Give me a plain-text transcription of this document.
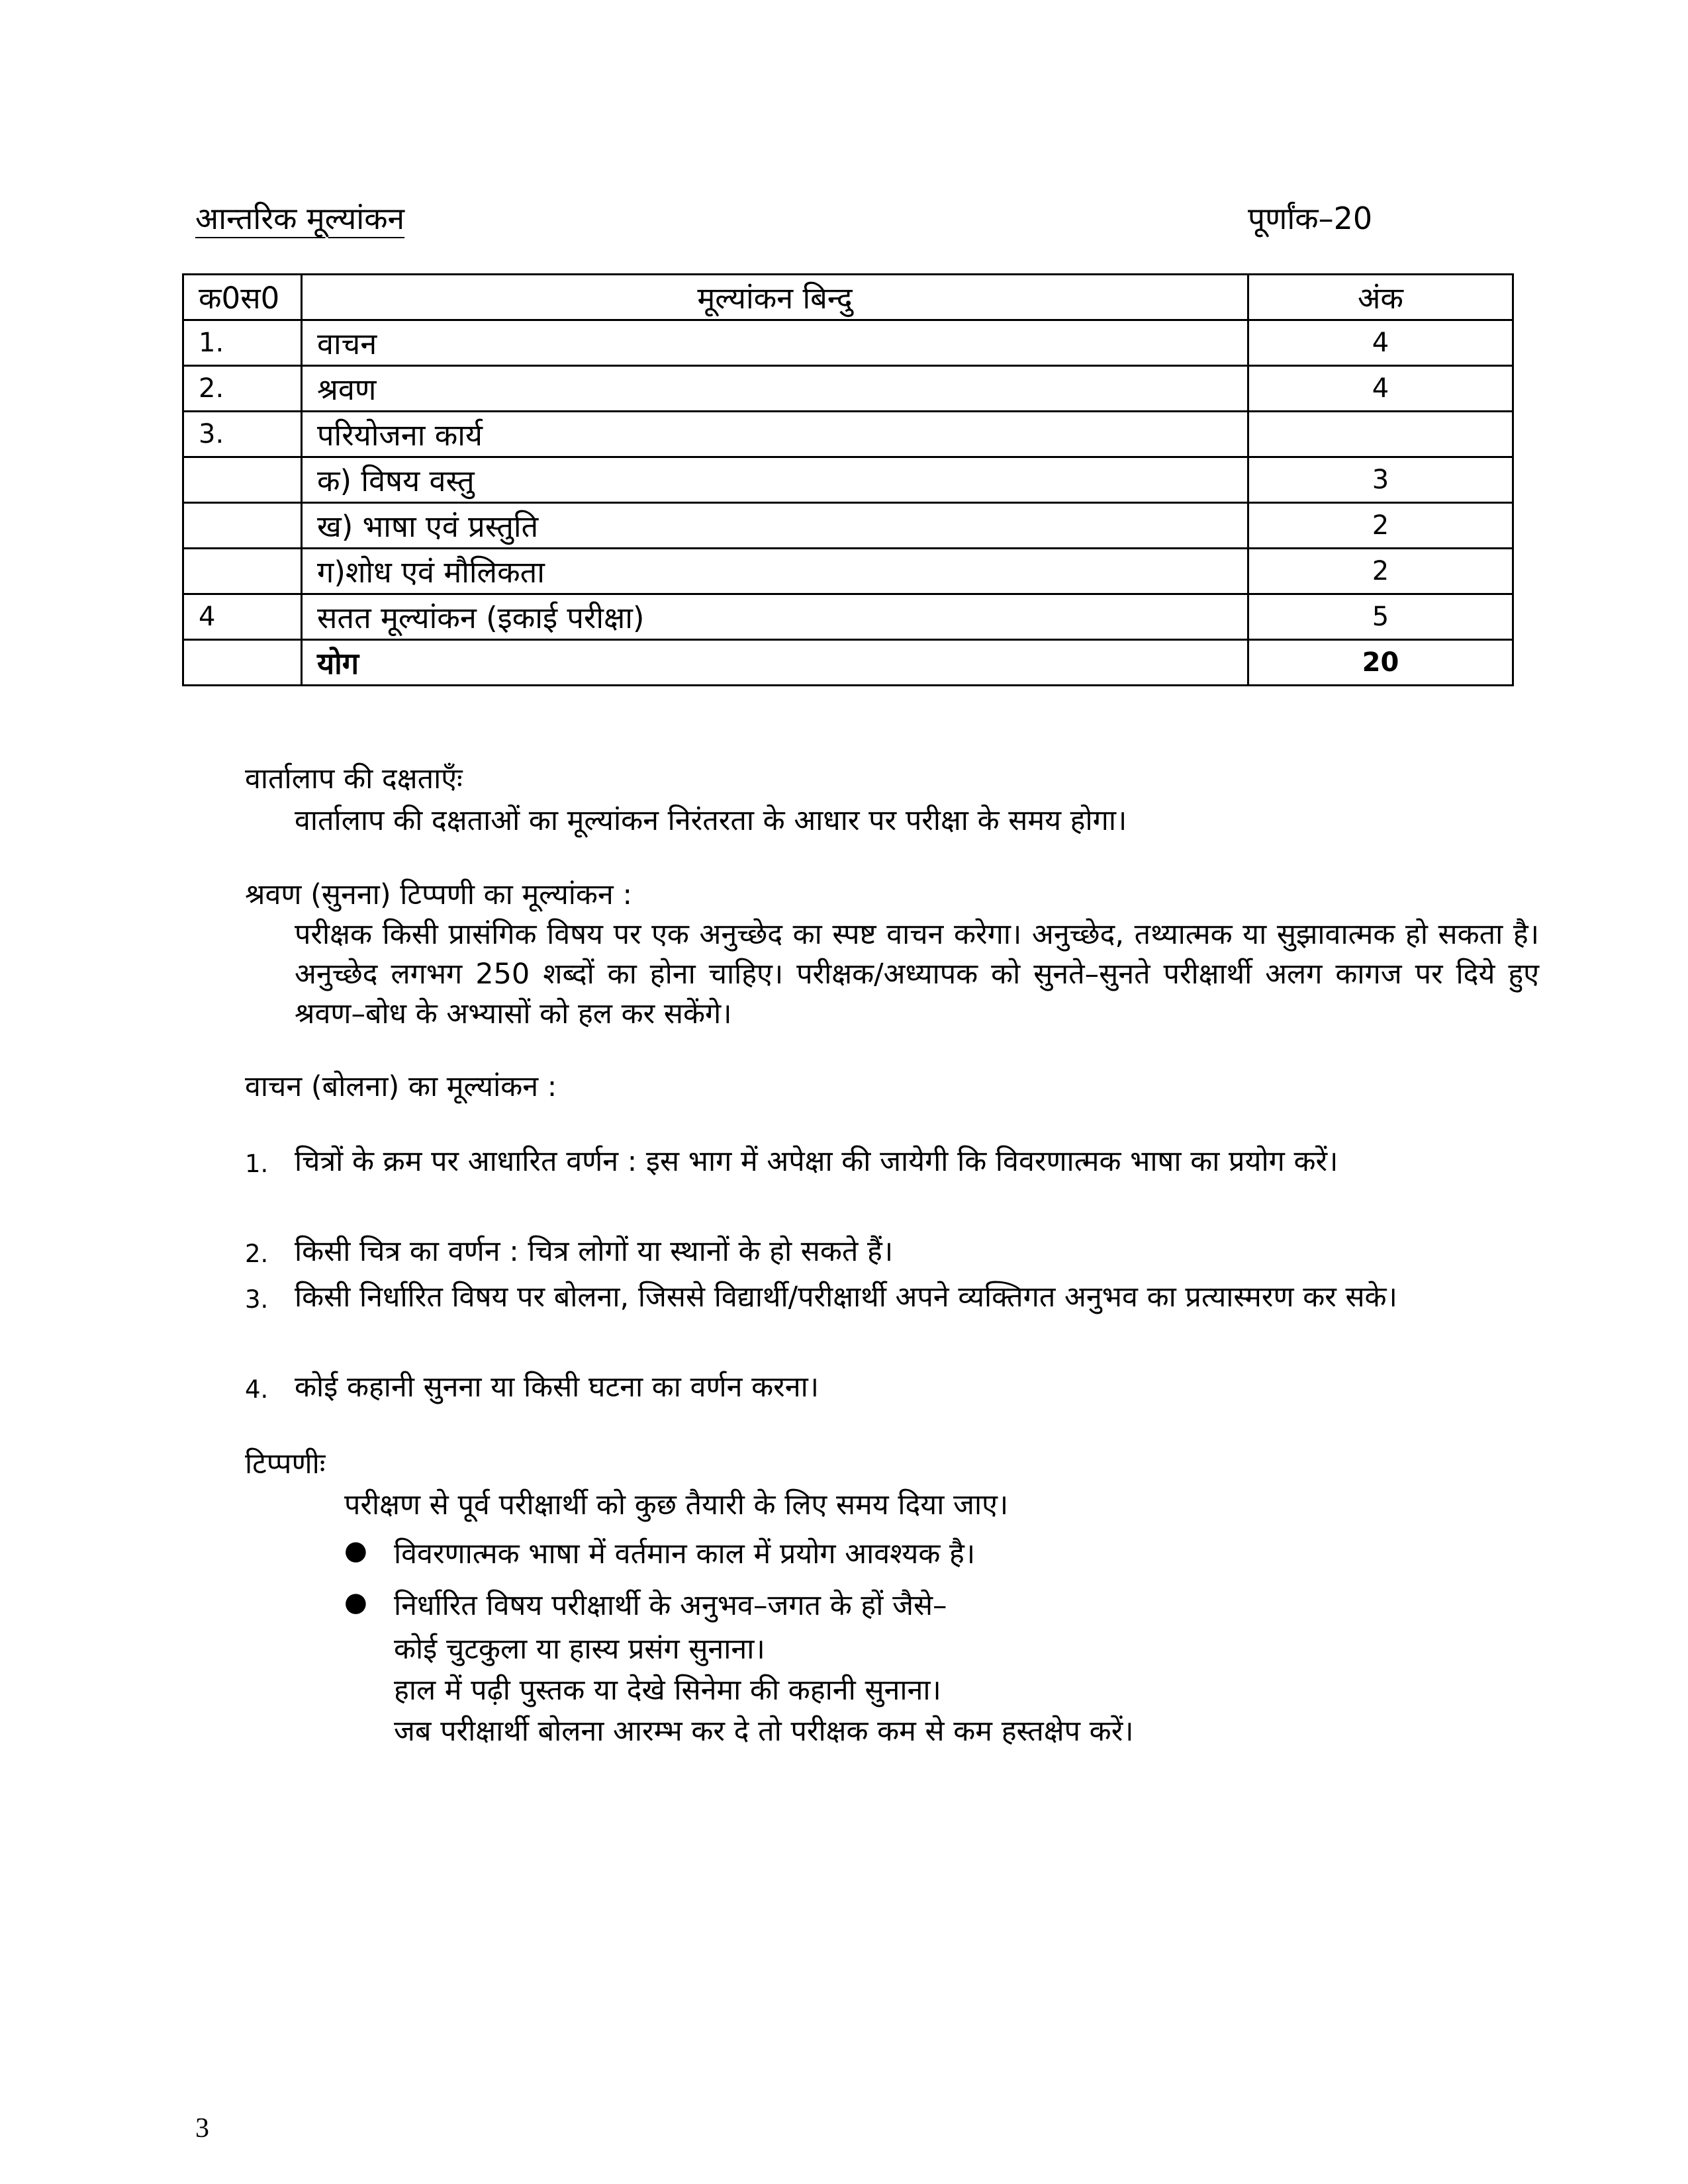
आन्तरिक मूल्यांकन	पूर्णांक–20
क0स0	मूल्यांकन बिन्दु	अंक
1.	वाचन	4
2.	श्रवण	4
3.	परियोजना कार्य	
	क) विषय वस्तु	3
	ख) भाषा एवं प्रस्तुति	2
	ग)शोध एवं मौलिकता	2
4	सतत मूल्यांकन (इकाई परीक्षा)	5
	योग	20
वार्तालाप की दक्षताएँः

वार्तालाप की दक्षताओं का मूल्यांकन निरंतरता के आधार पर परीक्षा के समय होगा।

श्रवण (सुनना) टिप्पणी का मूल्यांकन :

परीक्षक किसी प्रासंगिक विषय पर एक अनुच्छेद का स्पष्ट वाचन करेगा। अनुच्छेद, तथ्यात्मक या सुझावात्मक हो सकता है। अनुच्छेद लगभग 250 शब्दों का होना चाहिए। परीक्षक/अध्यापक को सुनते–सुनते परीक्षार्थी अलग कागज पर दिये हुए श्रवण–बोध के अभ्यासों को हल कर सकेंगे।

वाचन (बोलना) का मूल्यांकन :
1. चित्रों के क्रम पर आधारित वर्णन : इस भाग में अपेक्षा की जायेगी कि विवरणात्मक भाषा का प्रयोग करें।

2. किसी चित्र का वर्णन : चित्र लोगों या स्थानों के हो सकते हैं।

3. किसी निर्धारित विषय पर बोलना, जिससे विद्यार्थी/परीक्षार्थी अपने व्यक्तिगत अनुभव का प्रत्यास्मरण कर सके।

4. कोई कहानी सुनना या किसी घटना का वर्णन करना।

टिप्पणीः
परीक्षण से पूर्व परीक्षार्थी को कुछ तैयारी के लिए समय दिया जाए।
● विवरणात्मक भाषा में वर्तमान काल में प्रयोग आवश्यक है।
● निर्धारित विषय परीक्षार्थी के अनुभव–जगत के हों जैसे–
कोई चुटकुला या हास्य प्रसंग सुनाना।
हाल में पढ़ी पुस्तक या देखे सिनेमा की कहानी सुनाना।
जब परीक्षार्थी बोलना आरम्भ कर दे तो परीक्षक कम से कम हस्तक्षेप करें।
3
